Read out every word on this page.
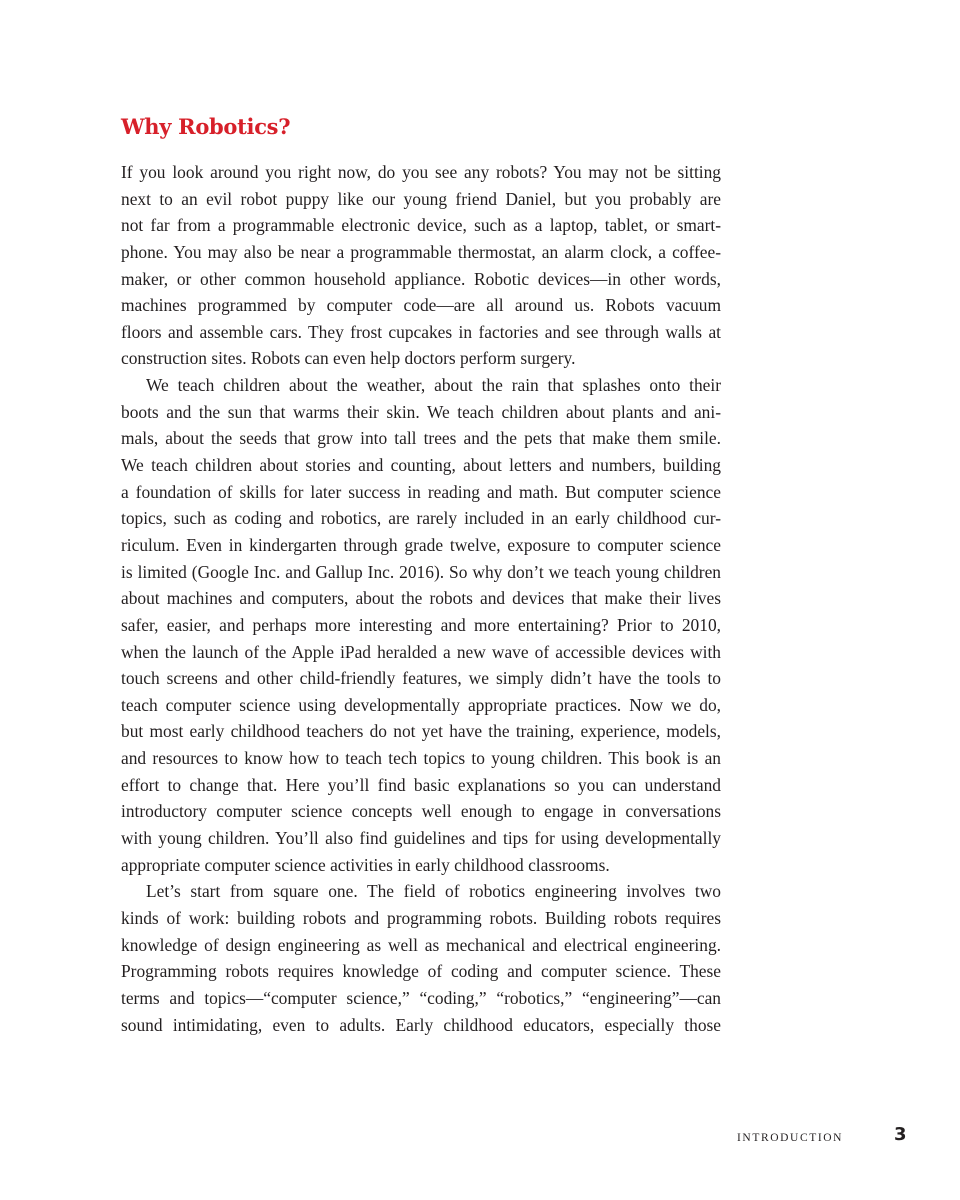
Why Robotics?
If you look around you right now, do you see any robots? You may not be sitting
next to an evil robot puppy like our young friend Daniel, but you probably are
not far from a programmable electronic device, such as a laptop, tablet, or smart-
phone. You may also be near a programmable thermostat, an alarm clock, a coffee-
maker, or other common household appliance. Robotic devices—in other words,
machines programmed by computer code—are all around us. Robots vacuum
floors and assemble cars. They frost cupcakes in factories and see through walls at
construction sites. Robots can even help doctors perform surgery.
We teach children about the weather, about the rain that splashes onto their
boots and the sun that warms their skin. We teach children about plants and ani-
mals, about the seeds that grow into tall trees and the pets that make them smile.
We teach children about stories and counting, about letters and numbers, building
a foundation of skills for later success in reading and math. But computer science
topics, such as coding and robotics, are rarely included in an early childhood cur-
riculum. Even in kindergarten through grade twelve, exposure to computer science
is limited (Google Inc. and Gallup Inc. 2016). So why don’t we teach young children
about machines and computers, about the robots and devices that make their lives
safer, easier, and perhaps more interesting and more entertaining? Prior to 2010,
when the launch of the Apple iPad heralded a new wave of accessible devices with
touch screens and other child-friendly features, we simply didn’t have the tools to
teach computer science using developmentally appropriate practices. Now we do,
but most early childhood teachers do not yet have the training, experience, models,
and resources to know how to teach tech topics to young children. This book is an
effort to change that. Here you’ll find basic explanations so you can understand
introductory computer science concepts well enough to engage in conversations
with young children. You’ll also find guidelines and tips for using developmentally
appropriate computer science activities in early childhood classrooms.
Let’s start from square one. The field of robotics engineering involves two
kinds of work: building robots and programming robots. Building robots requires
knowledge of design engineering as well as mechanical and electrical engineering.
Programming robots requires knowledge of coding and computer science. These
terms and topics—“computer science,” “coding,” “robotics,” “engineering”—can
sound intimidating, even to adults. Early childhood educators, especially those
INTRODUCTION	3
